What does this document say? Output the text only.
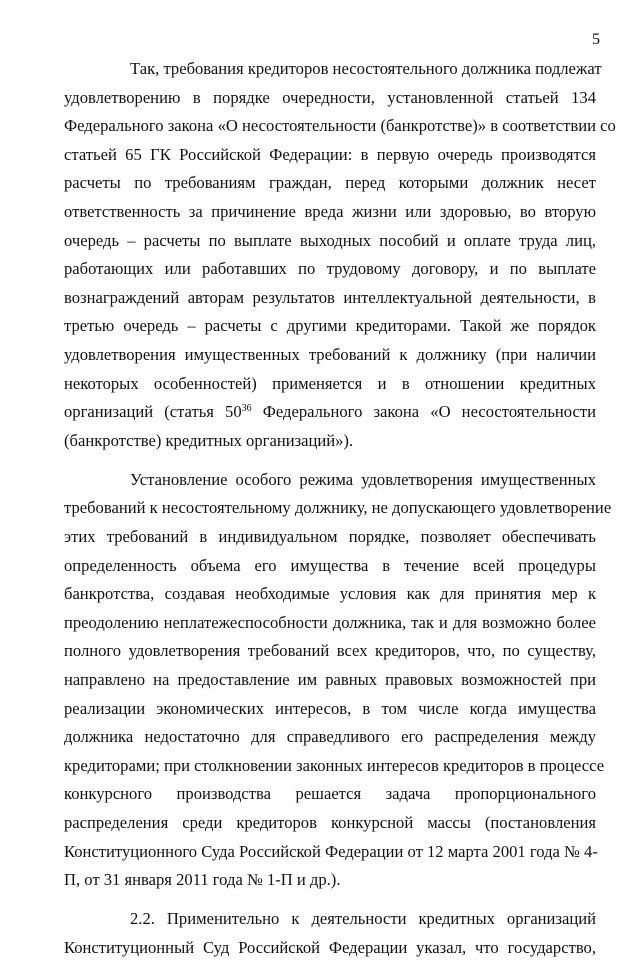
5
Так, требования кредиторов несостоятельного должника подлежат
удовлетворению в порядке очередности, установленной статьей 134
Федерального закона «О несостоятельности (банкротстве)» в соответствии со
статьей 65 ГК Российской Федерации: в первую очередь производятся
расчеты по требованиям граждан, перед которыми должник несет
ответственность за причинение вреда жизни или здоровью, во вторую
очередь – расчеты по выплате выходных пособий и оплате труда лиц,
работающих или работавших по трудовому договору, и по выплате
вознаграждений авторам результатов интеллектуальной деятельности, в
третью очередь – расчеты с другими кредиторами. Такой же порядок
удовлетворения имущественных требований к должнику (при наличии
некоторых особенностей) применяется и в отношении кредитных
организаций (статья $50^{36}$ Федерального закона «О несостоятельности
(банкротстве) кредитных организаций»).
Установление особого режима удовлетворения имущественных
требований к несостоятельному должнику, не допускающего удовлетворение
этих требований в индивидуальном порядке, позволяет обеспечивать
определенность объема его имущества в течение всей процедуры
банкротства, создавая необходимые условия как для принятия мер к
преодолению неплатежеспособности должника, так и для возможно более
полного удовлетворения требований всех кредиторов, что, по существу,
направлено на предоставление им равных правовых возможностей при
реализации экономических интересов, в том числе когда имущества
должника недостаточно для справедливого его распределения между
кредиторами; при столкновении законных интересов кредиторов в процессе
конкурсного производства решается задача пропорционального
распределения среди кредиторов конкурсной массы (постановления
Конституционного Суда Российской Федерации от 12 марта 2001 года № 4-
П, от 31 января 2011 года № 1-П и др.).
2.2. Применительно к деятельности кредитных организаций
Конституционный Суд Российской Федерации указал, что государство,
